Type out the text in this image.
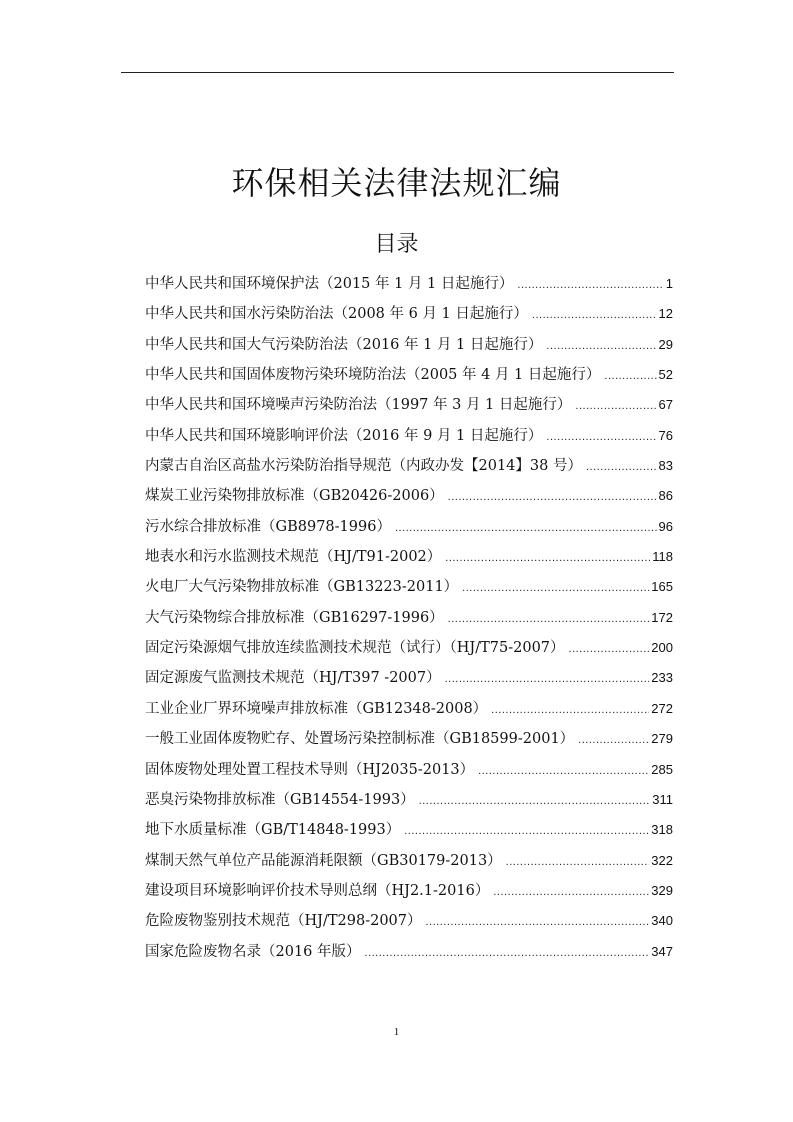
环保相关法律法规汇编
目录
中华人民共和国环境保护法（2015 年 1 月 1 日起施行） .....	1
中华人民共和国水污染防治法（2008 年 6 月 1 日起施行） .....	12
中华人民共和国大气污染防治法（2016 年 1 月 1 日起施行） .....	29
中华人民共和国固体废物污染环境防治法（2005 年 4 月 1 日起施行） .....	52
中华人民共和国环境噪声污染防治法（1997 年 3 月 1 日起施行） .....	67
中华人民共和国环境影响评价法（2016 年 9 月 1 日起施行） .....	76
内蒙古自治区高盐水污染防治指导规范（内政办发【2014】38 号） .....	83
煤炭工业污染物排放标准（GB20426-2006） .....	86
污水综合排放标准（GB8978-1996） .....	96
地表水和污水监测技术规范（HJ/T91-2002） .....	118
火电厂大气污染物排放标准（GB13223-2011） .....	165
大气污染物综合排放标准（GB16297-1996） .....	172
固定污染源烟气排放连续监测技术规范（试行）（HJ/T75-2007） .....	200
固定源废气监测技术规范（HJ/T397 -2007） .....	233
工业企业厂界环境噪声排放标准（GB12348-2008） .....	272
一般工业固体废物贮存、处置场污染控制标准（GB18599-2001） .....	279
固体废物处理处置工程技术导则（HJ2035-2013） .....	285
恶臭污染物排放标准（GB14554-1993） .....	311
地下水质量标准（GB/T14848-1993） .....	318
煤制天然气单位产品能源消耗限额（GB30179-2013） .....	322
建设项目环境影响评价技术导则总纲（HJ2.1-2016） .....	329
危险废物鉴别技术规范（HJ/T298-2007） .....	340
国家危险废物名录（2016 年版） .....	347
1
